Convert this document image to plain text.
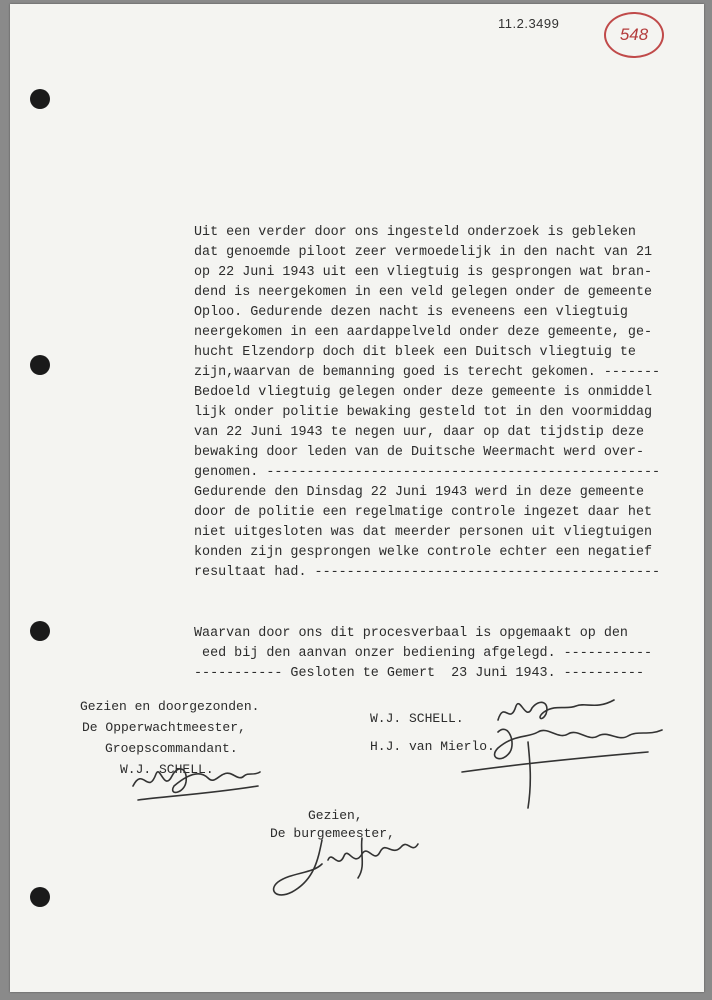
11.2.3499
548
Uit een verder door ons ingesteld onderzoek is gebleken
dat genoemde piloot zeer vermoedelijk in den nacht van 21
op 22 Juni 1943 uit een vliegtuig is gesprongen wat bran-
dend is neergekomen in een veld gelegen onder de gemeente
Oploo. Gedurende dezen nacht is eveneens een vliegtuig
neergekomen in een aardappelveld onder deze gemeente, ge-
hucht Elzendorp doch dit bleek een Duitsch vliegtuig te
zijn,waarvan de bemanning goed is terecht gekomen. -------
Bedoeld vliegtuig gelegen onder deze gemeente is onmiddel
lijk onder politie bewaking gesteld tot in den voormiddag
van 22 Juni 1943 te negen uur, daar op dat tijdstip deze
bewaking door leden van de Duitsche Weermacht werd over-
genomen. -------------------------------------------------
Gedurende den Dinsdag 22 Juni 1943 werd in deze gemeente
door de politie een regelmatige controle ingezet daar het
niet uitgesloten was dat meerder personen uit vliegtuigen
konden zijn gesprongen welke controle echter een negatief
resultaat had. -------------------------------------------
Waarvan door ons dit procesverbaal is opgemaakt op den
eed bij den aanvan onzer bediening afgelegd. -----------
----------- Gesloten te Gemert  23 Juni 1943. ----------
Gezien en doorgezonden.
De Opperwachtmeester,
Groepscommandant.
W.J. SCHELL.
W.J. SCHELL.
H.J. van Mierlo.
Gezien,
De burgemeester,
